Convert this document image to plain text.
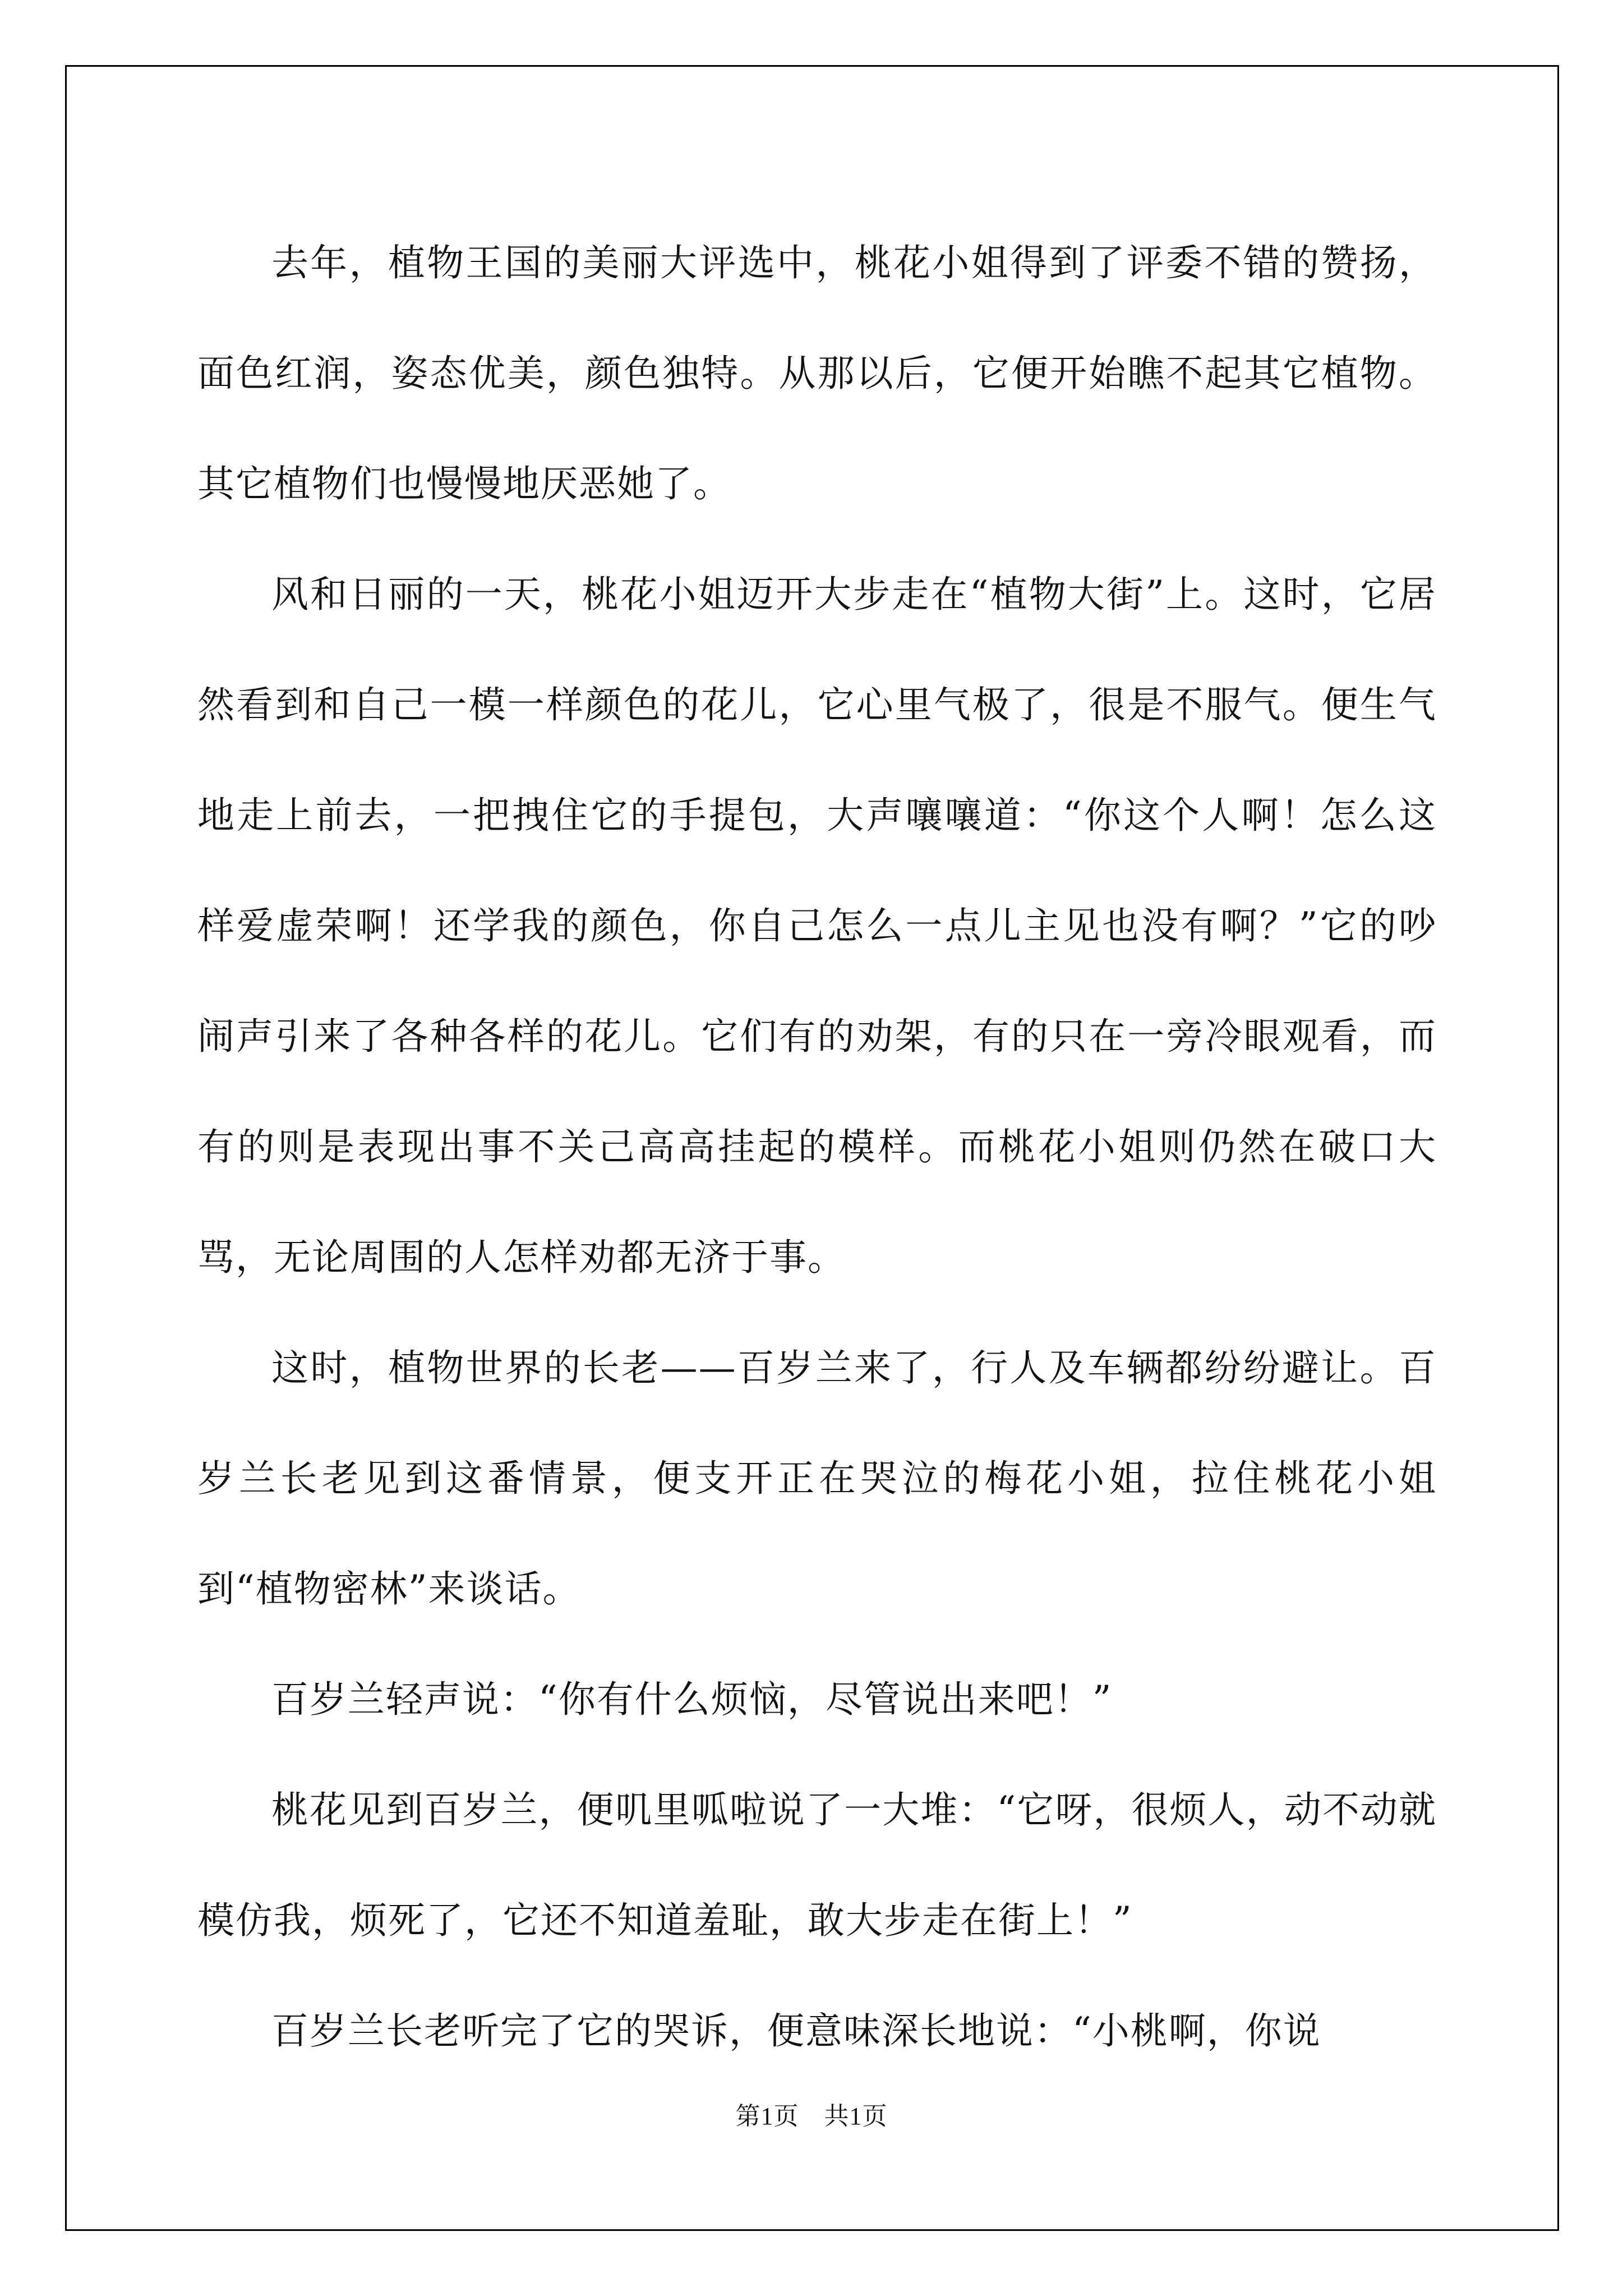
去年，植物王国的美丽大评选中，桃花小姐得到了评委不错的赞扬，面色红润，姿态优美，颜色独特。从那以后，它便开始瞧不起其它植物。其它植物们也慢慢地厌恶她了。

风和日丽的一天，桃花小姐迈开大步走在“植物大街”上。这时，它居然看到和自己一模一样颜色的花儿，它心里气极了，很是不服气。便生气地走上前去，一把拽住它的手提包，大声嚷嚷道：“你这个人啊！怎么这样爱虚荣啊！还学我的颜色，你自己怎么一点儿主见也没有啊？”它的吵闹声引来了各种各样的花儿。它们有的劝架，有的只在一旁冷眼观看，而有的则是表现出事不关己高高挂起的模样。而桃花小姐则仍然在破口大骂，无论周围的人怎样劝都无济于事。

这时，植物世界的长老——百岁兰来了，行人及车辆都纷纷避让。百岁兰长老见到这番情景，便支开正在哭泣的梅花小姐，拉住桃花小姐到“植物密林”来谈话。

百岁兰轻声说：“你有什么烦恼，尽管说出来吧！”

桃花见到百岁兰，便叽里呱啦说了一大堆：“它呀，很烦人，动不动就模仿我，烦死了，它还不知道羞耻，敢大步走在街上！”

百岁兰长老听完了它的哭诉，便意味深长地说：“小桃啊，你说

第1页　共1页
